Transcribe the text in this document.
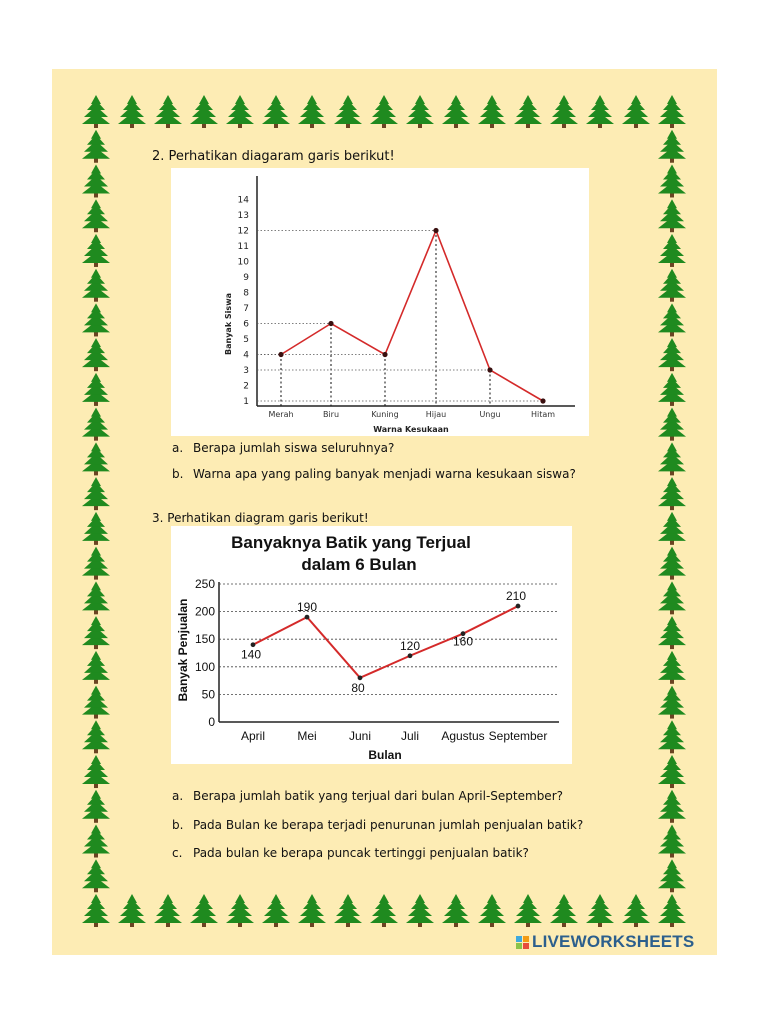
2. Perhatikan diagaram garis berikut!
Banyak Siswa
Warna Kesukaan
1
2
3
4
5
6
7
8
9
10
11
12
13
14
Merah	Biru	Kuning	Hijau	Ungu	Hitam
a. Berapa jumlah siswa seluruhnya?
b. Warna apa yang paling banyak menjadi warna kesukaan siswa?
3. Perhatikan diagram garis berikut!
Banyaknya Batik yang Terjual
dalam 6 Bulan
Banyak Penjualan
Bulan
0
50
100
150
200
250
140
190
80
120	160
210
April	Mei	Juni Juli Agustus September
a. Berapa jumlah batik yang terjual dari bulan April-September?
b. Pada Bulan ke berapa terjadi penurunan jumlah penjualan batik?
c. Pada bulan ke berapa puncak tertinggi penjualan batik?
LIVEWORKSHEETS
